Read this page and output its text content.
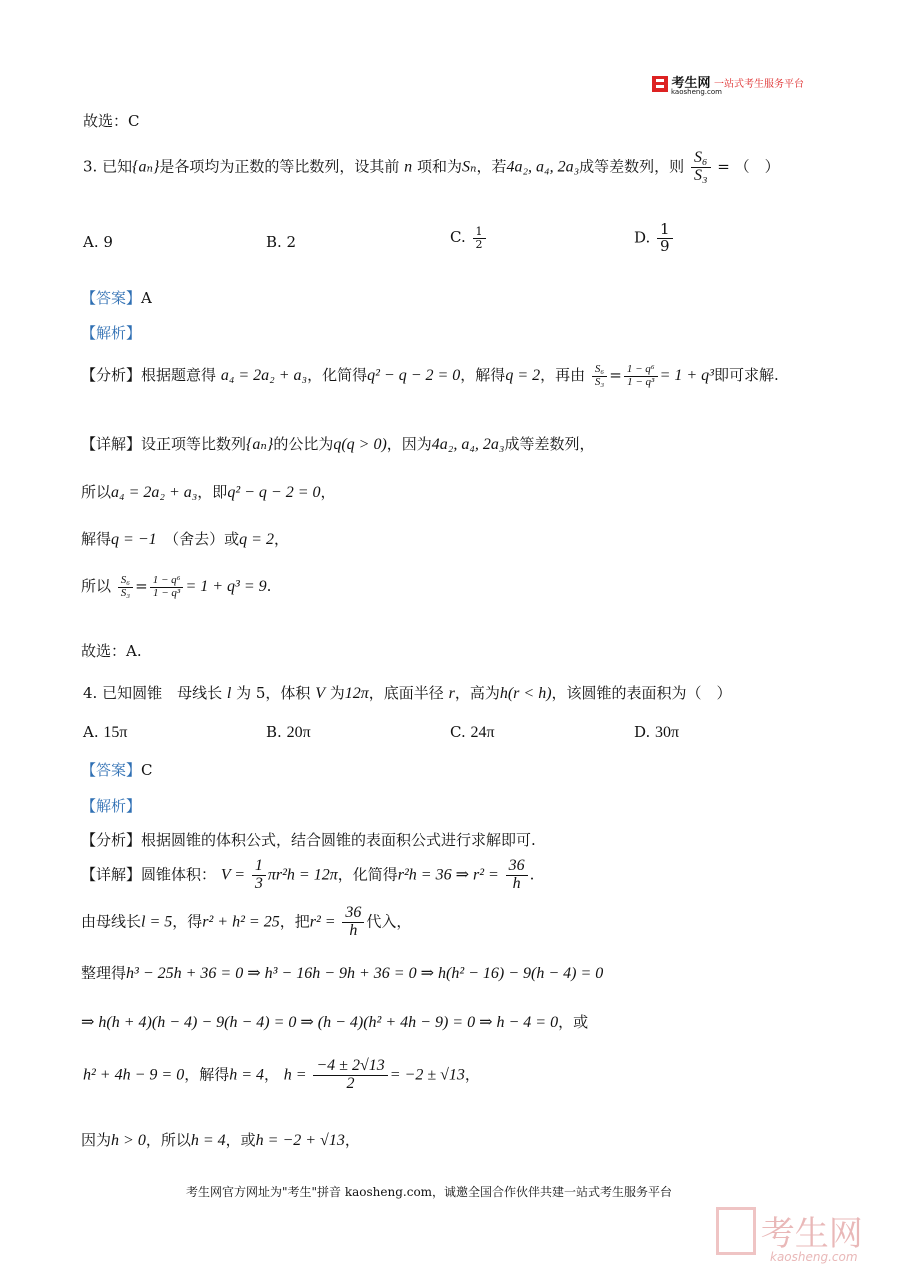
考生网 一站式考生服务平台
kaosheng.com
故选：C
3. 已知{aₙ}是各项均为正数的等比数列，设其前 n 项和为Sₙ，若4a₂, a₄, 2a₃成等差数列，则 $\frac{\text{S₆}}{\text{S₃}}$ = （　）
A. 9	B. 2	C. $\frac{1}{2}$	D. $\frac{1}{9}$
【答案】A
【解析】
【分析】根据题意得 a₄ = 2a₂ + a₃，化简得q² − q − 2 = 0，解得q = 2，再由 $\frac{\text{S₆}}{\text{S₃}} = \frac{\text{1 − q⁶}}{\text{1 − q³}} = 1 + q^3$即可求解.
【详解】设正项等比数列{aₙ}的公比为q(q > 0)，因为4a₂, a₄, 2a₃成等差数列，
所以a₄ = 2a₂ + a₃，即q² − q − 2 = 0，
解得q = −1　 （舍去）或q = 2，
所以 $\frac{\text{S₆}}{\text{S₃}} = \frac{\text{1 − q⁶}}{\text{1 − q³}} = 1 + q^3 = 9$.
故选：A.
4. 已知圆锥　母线长 l 为 5，体积 V 为12π，底面半径 r，高为h(r < h)，该圆锥的表面积为（　）
A. 15π	B. 20π	C. 24π	D. 30π
【答案】C
【解析】
【分析】根据圆锥的体积公式，结合圆锥的表面积公式进行求解即可.
【详解】圆锥体积： $V = \frac{1}{3} \pi r^2h = 12\pi$，化简得r²h = 36 ⇒ $r^2 = \frac{36}{h}$ .
由母线长l = 5，得r² + h² = 25，把$r^2 = \frac{36}{h}$ 代入，
整理得h³ − 25h + 36 = 0 ⇒ h³ − 16h − 9h + 36 = 0 ⇒ h(h² − 16) − 9(h − 4) = 0
⇒ h(h + 4)(h − 4) − 9(h − 4) = 0 ⇒ (h − 4)(h² + 4h − 9) = 0 ⇒ h − 4 = 0，或
h² + 4h − 9 = 0，解得h = 4， $h = \frac{-4 \pm 2√13}{2} = -2 \pm √13$，
因为h > 0，所以h = 4，或h = −2 + √13，
考生网官方网址为"考生"拼音 kaosheng.com，诚邀全国合作伙伴共建一站式考生服务平台
考生网
kaosheng.com
